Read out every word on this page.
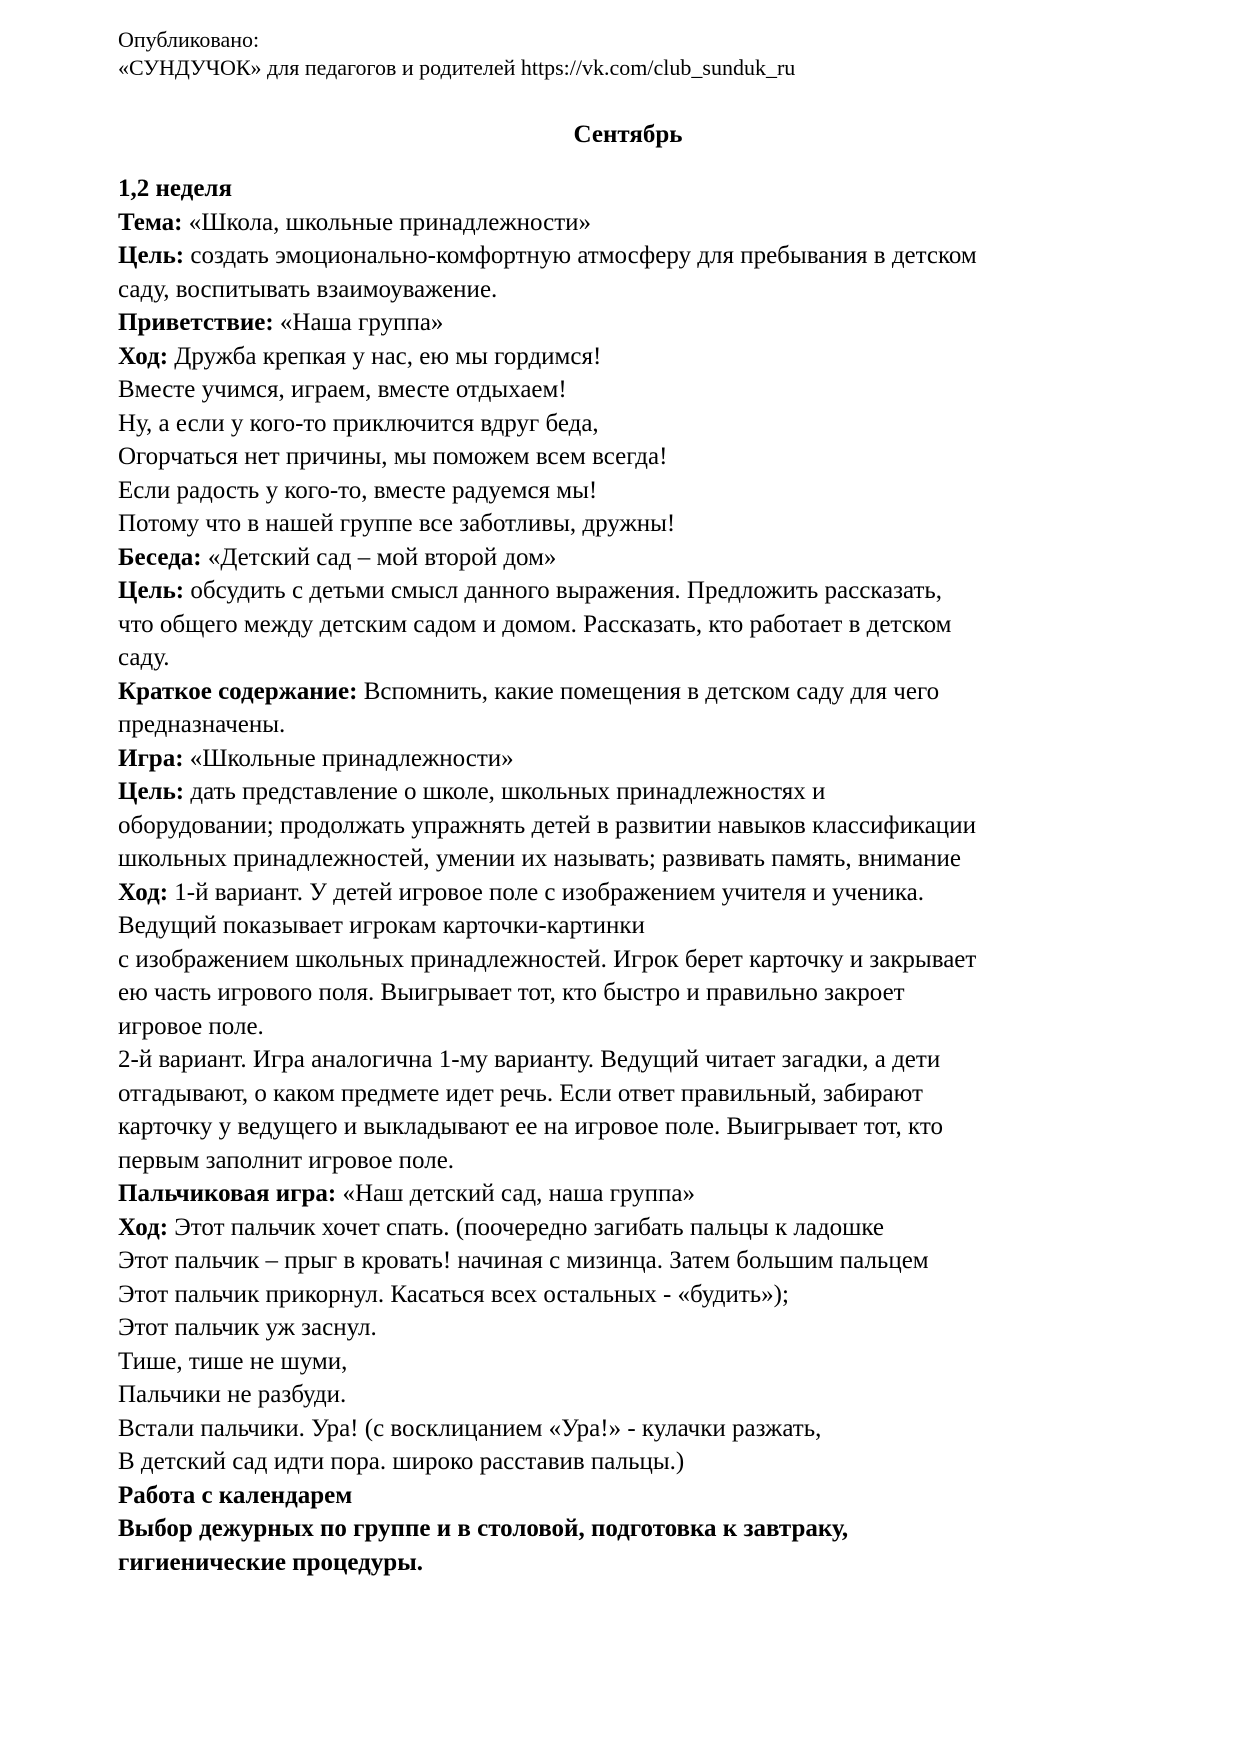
Опубликовано:
«СУНДУЧОК» для педагогов и родителей https://vk.com/club_sunduk_ru
Сентябрь
1,2 неделя
Тема: «Школа, школьные принадлежности»
Цель: создать эмоционально-комфортную атмосферу для пребывания в детском
саду, воспитывать взаимоуважение.
Приветствие: «Наша группа»
Ход: Дружба крепкая у нас, ею мы гордимся!
Вместе учимся, играем, вместе отдыхаем!
Ну, а если у кого-то приключится вдруг беда,
Огорчаться нет причины, мы поможем всем всегда!
Если радость у кого-то, вместе радуемся мы!
Потому что в нашей группе все заботливы, дружны!
Беседа: «Детский сад – мой второй дом»
Цель: обсудить с детьми смысл данного выражения. Предложить рассказать,
что общего между детским садом и домом. Рассказать, кто работает в детском
саду.
Краткое содержание: Вспомнить, какие помещения в детском саду для чего
предназначены.
Игра: «Школьные принадлежности»
Цель: дать представление о школе, школьных принадлежностях и
оборудовании; продолжать упражнять детей в развитии навыков классификации
школьных принадлежностей, умении их называть; развивать память, внимание
Ход: 1-й вариант. У детей игровое поле с изображением учителя и ученика.
Ведущий показывает игрокам карточки-картинки
с изображением школьных принадлежностей. Игрок берет карточку и закрывает
ею часть игрового поля. Выигрывает тот, кто быстро и правильно закроет
игровое поле.
2-й вариант. Игра аналогична 1-му варианту. Ведущий читает загадки, а дети
отгадывают, о каком предмете идет речь. Если ответ правильный, забирают
карточку у ведущего и выкладывают ее на игровое поле. Выигрывает тот, кто
первым заполнит игровое поле.
Пальчиковая игра: «Наш детский сад, наша группа»
Ход: Этот пальчик хочет спать. (поочередно загибать пальцы к ладошке
Этот пальчик – прыг в кровать! начиная с мизинца. Затем большим пальцем
Этот пальчик прикорнул. Касаться всех остальных - «будить»);
Этот пальчик уж заснул.
Тише, тише не шуми,
Пальчики не разбуди.
Встали пальчики. Ура! (с восклицанием «Ура!» - кулачки разжать,
В детский сад идти пора. широко расставив пальцы.)
Работа с календарем
Выбор дежурных по группе и в столовой, подготовка к завтраку,
гигиенические процедуры.
